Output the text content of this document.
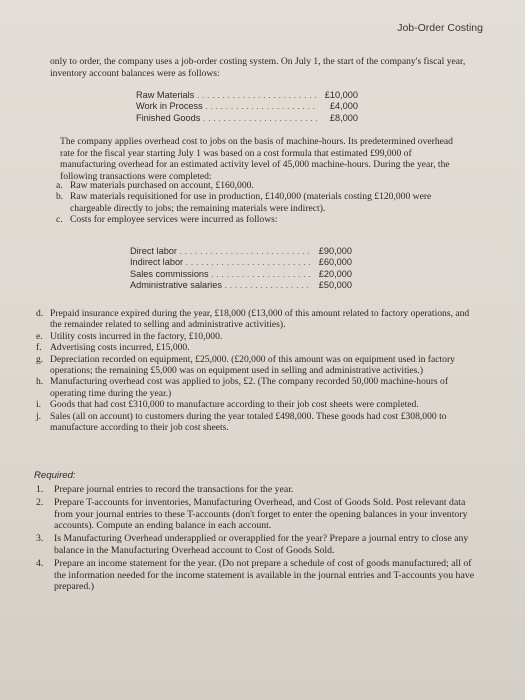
Job-Order Costing

only to order, the company uses a job-order costing system. On July 1, the start of the company's fiscal year, inventory account balances were as follows:

Raw Materials . . .	£10,000
Work in Process . . .	£4,000
Finished Goods . . .	£8,000

The company applies overhead cost to jobs on the basis of machine-hours. Its predetermined overhead rate for the fiscal year starting July 1 was based on a cost formula that estimated £99,000 of manufacturing overhead for an estimated activity level of 45,000 machine-hours. During the year, the following transactions were completed:

a. Raw materials purchased on account, £160,000.
b. Raw materials requisitioned for use in production, £140,000 (materials costing £120,000 were chargeable directly to jobs; the remaining materials were indirect).
c. Costs for employee services were incurred as follows:
Direct labor . . .	£90,000
Indirect labor . . .	£60,000
Sales commissions . . .	£20,000
Administrative salaries . . .	£50,000
d. Prepaid insurance expired during the year, £18,000 (£13,000 of this amount related to factory operations, and the remainder related to selling and administrative activities).
e. Utility costs incurred in the factory, £10,000.
f. Advertising costs incurred, £15,000.
g. Depreciation recorded on equipment, £25,000. (£20,000 of this amount was on equipment used in factory operations; the remaining £5,000 was on equipment used in selling and administrative activities.)
h. Manufacturing overhead cost was applied to jobs, £2. (The company recorded 50,000 machine-hours of operating time during the year.)
i. Goods that had cost £310,000 to manufacture according to their job cost sheets were completed.
j. Sales (all on account) to customers during the year totaled £498,000. These goods had cost £308,000 to manufacture according to their job cost sheets.
Required:
1.	Prepare journal entries to record the transactions for the year.
2.	Prepare T-accounts for inventories, Manufacturing Overhead, and Cost of Goods Sold. Post relevant data from your journal entries to these T-accounts (don't forget to enter the opening balances in your inventory accounts). Compute an ending balance in each account.
3.	Is Manufacturing Overhead underapplied or overapplied for the year? Prepare a journal entry to close any balance in the Manufacturing Overhead account to Cost of Goods Sold.
4.	Prepare an income statement for the year. (Do not prepare a schedule of cost of goods manufactured; all of the information needed for the income statement is available in the journal entries and T-accounts you have prepared.)
